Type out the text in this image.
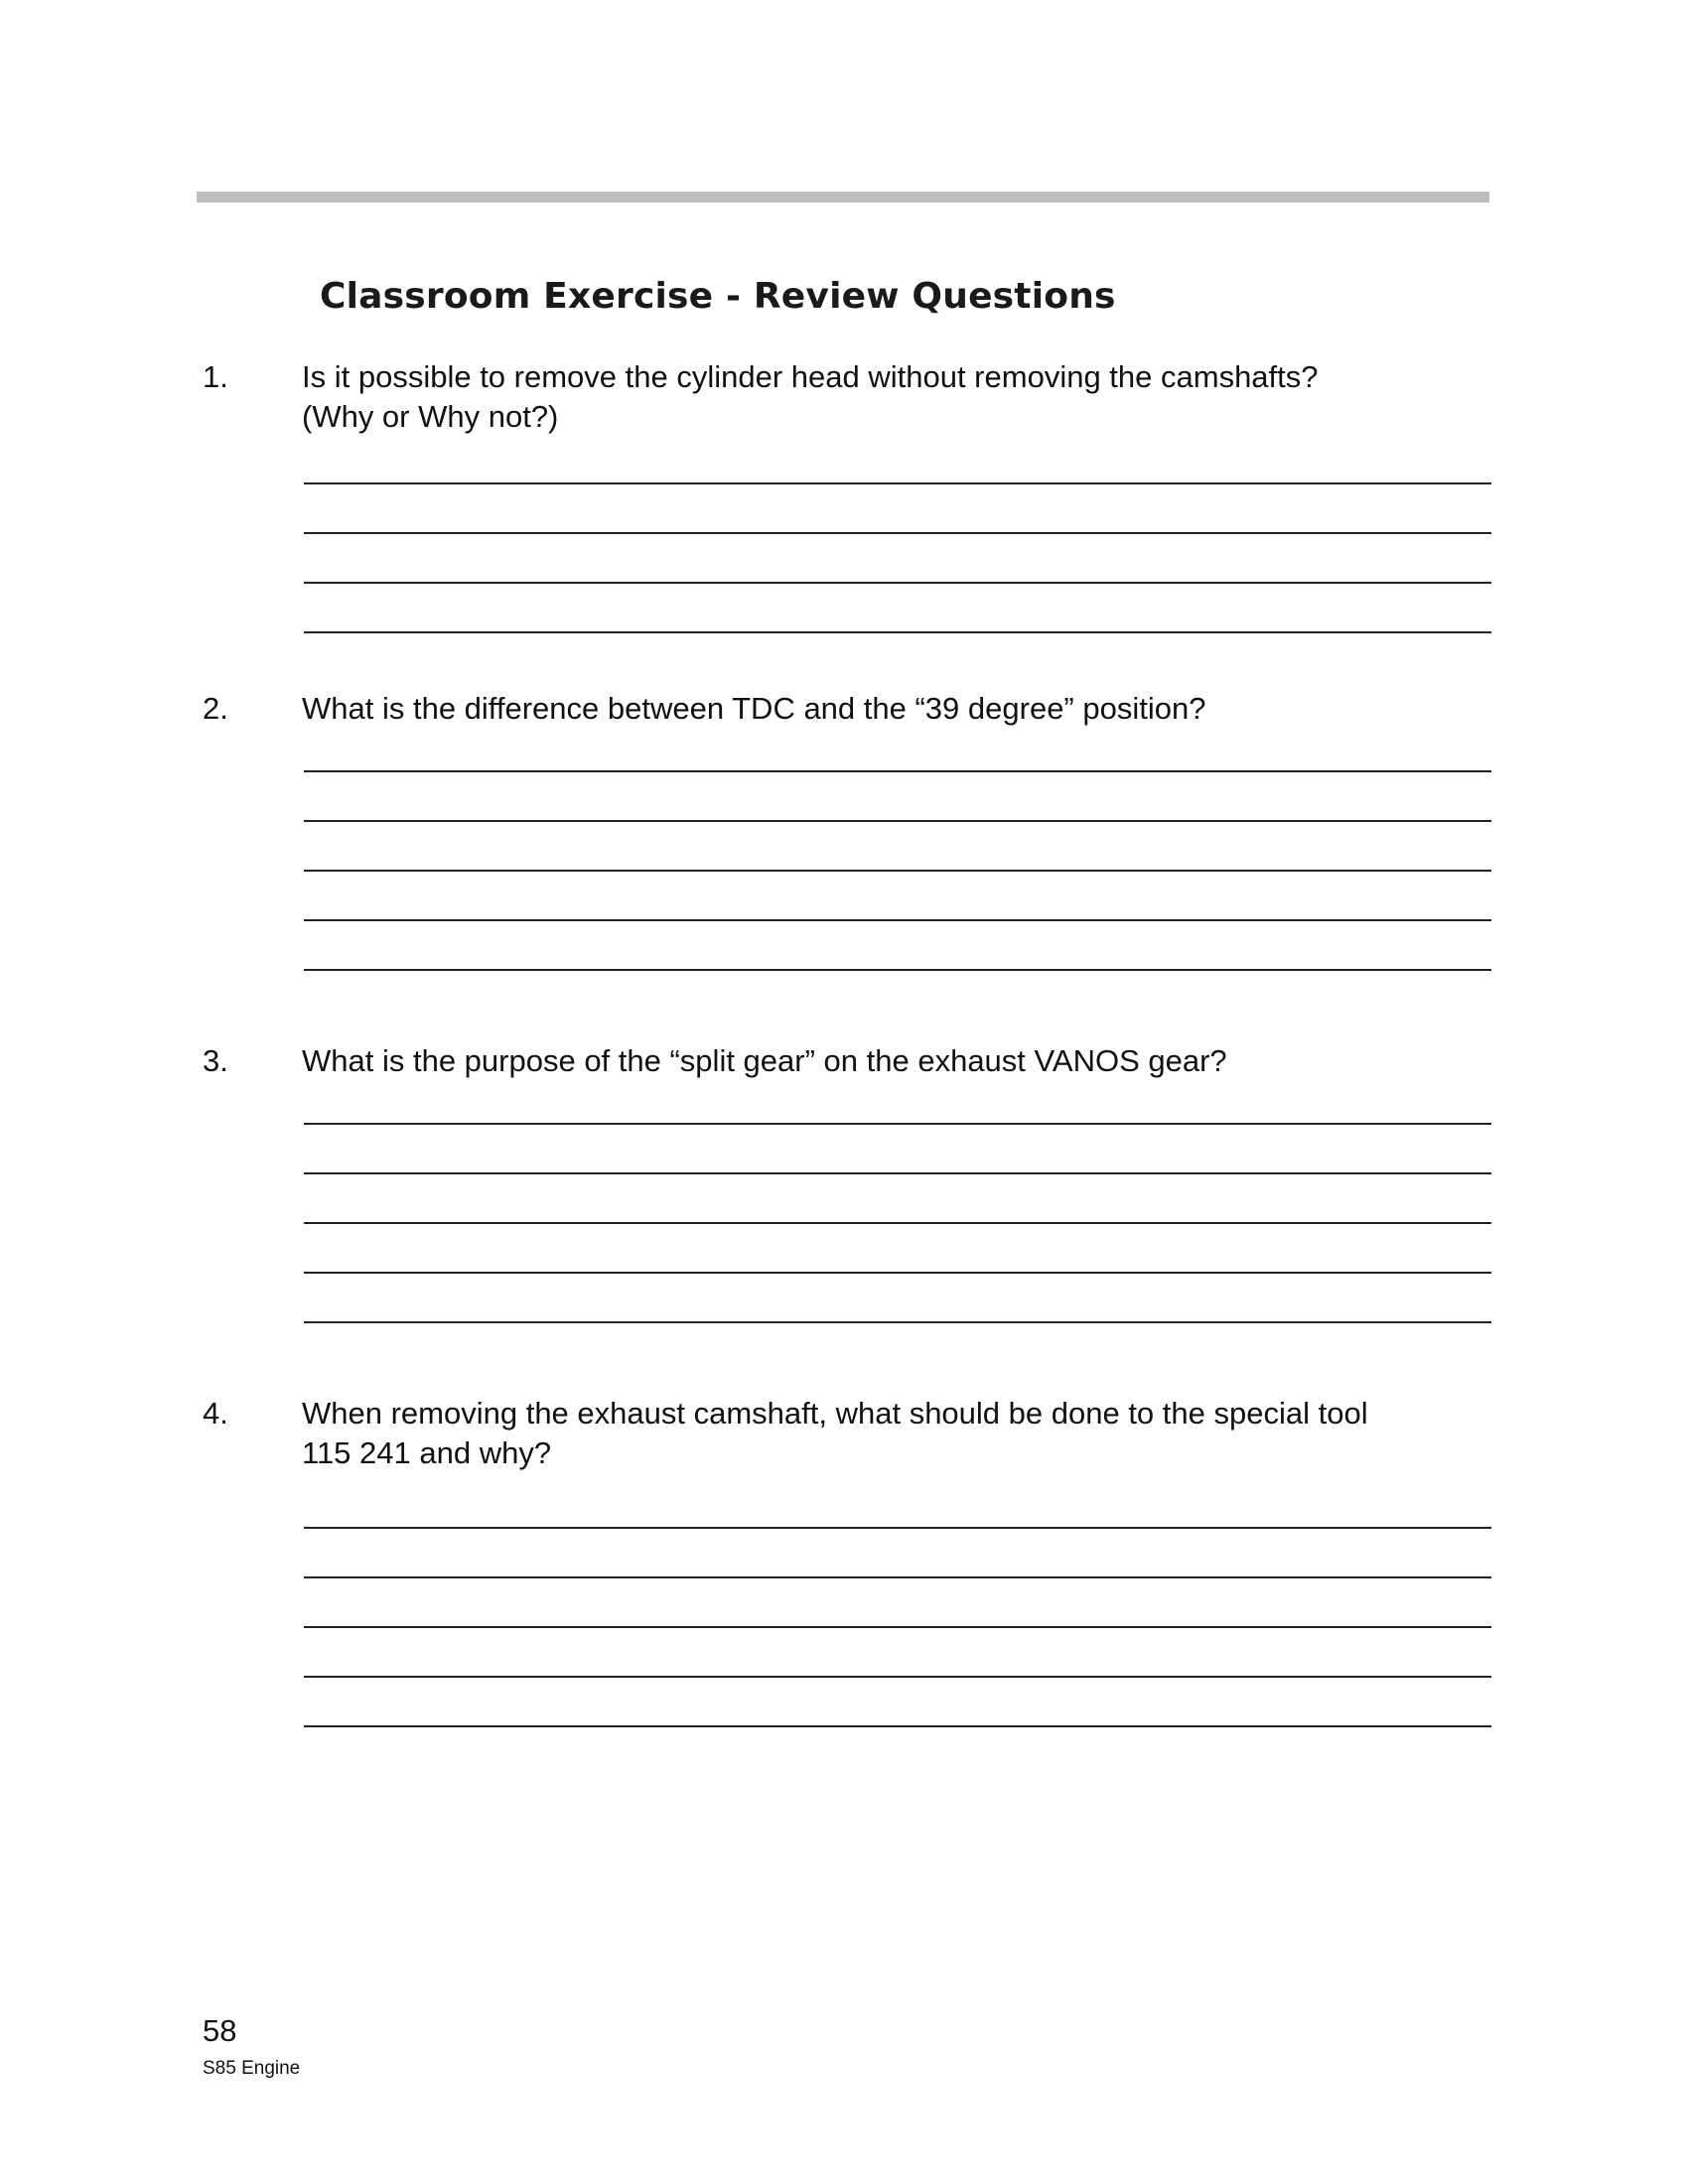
Classroom Exercise - Review Questions
1. Is it possible to remove the cylinder head without removing the camshafts?
(Why or Why not?)
2. What is the difference between TDC and the “39 degree” position?
3. What is the purpose of the “split gear” on the exhaust VANOS gear?
4. When removing the exhaust camshaft, what should be done to the special tool
115 241 and why?
58
S85 Engine
